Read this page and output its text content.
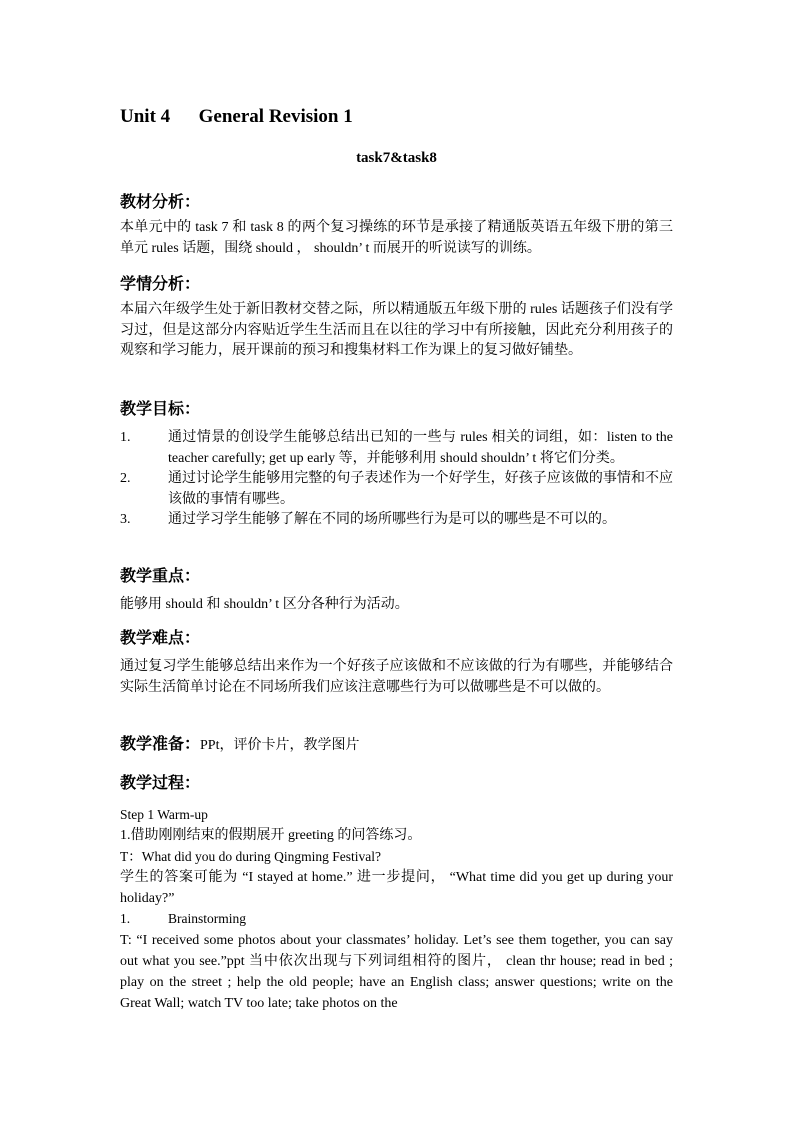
Unit 4      General Revision 1
task7&task8
教材分析：
本单元中的 task 7 和 task 8 的两个复习操练的环节是承接了精通版英语五年级下册的第三单元 rules 话题，围绕 should ， shouldn’ t 而展开的听说读写的训练。
学情分析：
本届六年级学生处于新旧教材交替之际，所以精通版五年级下册的 rules 话题孩子们没有学习过，但是这部分内容贴近学生生活而且在以往的学习中有所接触，因此充分利用孩子的观察和学习能力，展开课前的预习和搜集材料工作为课上的复习做好铺垫。
教学目标：
1.	通过情景的创设学生能够总结出已知的一些与 rules 相关的词组，如：listen to the teacher carefully; get up early 等，并能够利用 should shouldn’ t 将它们分类。
2.	通过讨论学生能够用完整的句子表述作为一个好学生，好孩子应该做的事情和不应该做的事情有哪些。
3.	通过学习学生能够了解在不同的场所哪些行为是可以的哪些是不可以的。
教学重点：
能够用 should 和 shouldn’ t 区分各种行为活动。
教学难点：
通过复习学生能够总结出来作为一个好孩子应该做和不应该做的行为有哪些，并能够结合实际生活简单讨论在不同场所我们应该注意哪些行为可以做哪些是不可以做的。
教学准备：PPt，评价卡片，教学图片
教学过程：
Step 1 Warm-up
1.借助刚刚结束的假期展开 greeting 的问答练习。
T：What did you do during Qingming Festival?
学生的答案可能为 “I stayed at home.” 进一步提问， “What time did you get up during your holiday?”
1.	Brainstorming
T: “I received some photos about your classmates’ holiday. Let’s see them together, you can say out what you see.”ppt 当中依次出现与下列词组相符的图片， clean thr house; read in bed ; play on the street ; help the old people; have an English class; answer questions; write on the Great Wall; watch TV too late; take photos on the
